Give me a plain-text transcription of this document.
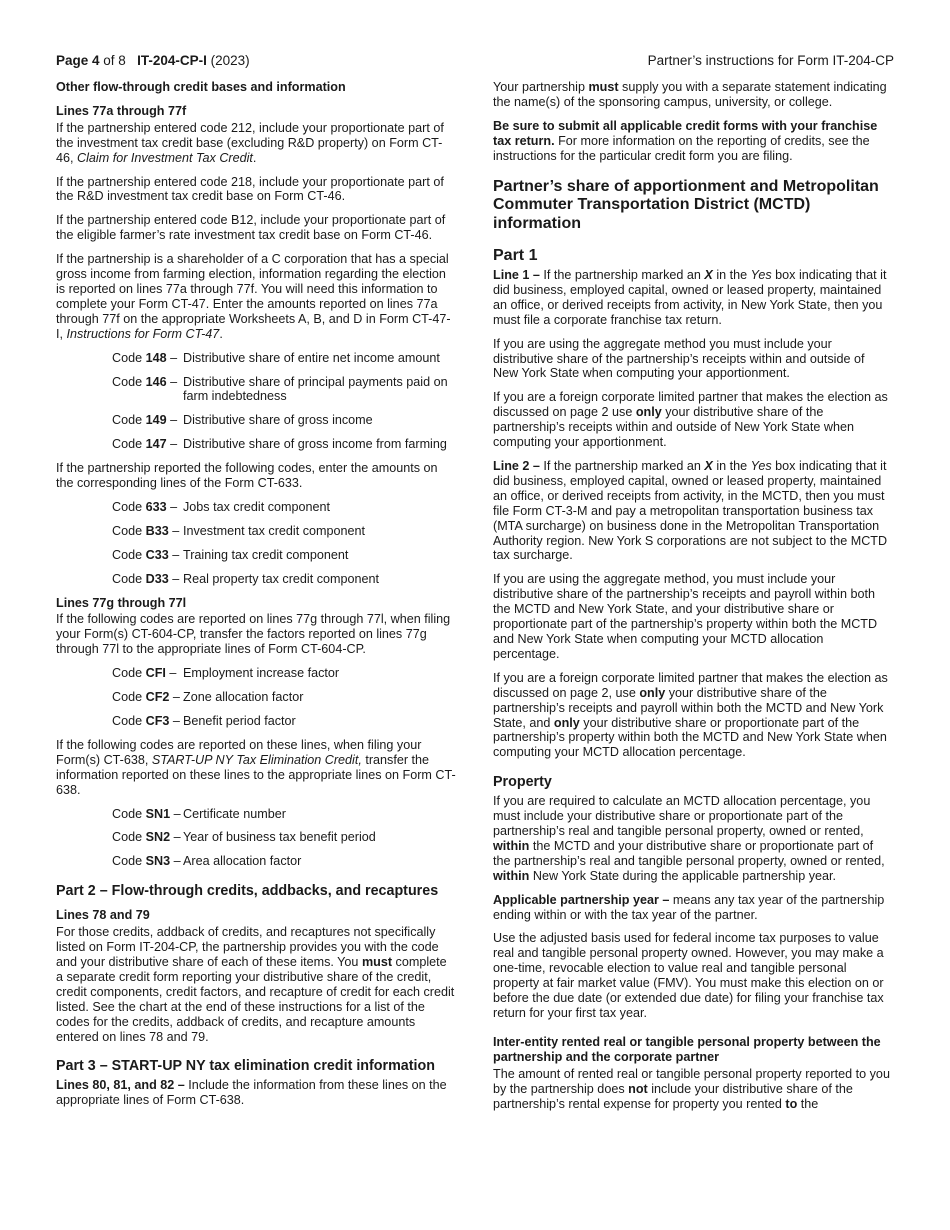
Page 4 of 8 IT-204-CP-I (2023)	Partner’s instructions for Form IT-204-CP
Other flow-through credit bases and information
Lines 77a through 77f

If the partnership entered code 212, include your proportionate part of the investment tax credit base (excluding R&D property) on Form CT-46, Claim for Investment Tax Credit.

If the partnership entered code 218, include your proportionate part of the R&D investment tax credit base on Form CT-46.

If the partnership entered code B12, include your proportionate part of the eligible farmer’s rate investment tax credit base on Form CT-46.

If the partnership is a shareholder of a C corporation that has a special gross income from farming election, information regarding the election is reported on lines 77a through 77f. You will need this information to complete your Form CT-47. Enter the amounts reported on lines 77a through 77f on the appropriate Worksheets A, B, and D in Form CT-47-I, Instructions for Form CT-47.

Code 148 –Distributive share of entire net income amount
Code 146 –Distributive share of principal payments paid on farm indebtedness
Code 149 –Distributive share of gross income
Code 147 –Distributive share of gross income from farming

If the partnership reported the following codes, enter the amounts on the corresponding lines of the Form CT-633.

Code 633 –Jobs tax credit component
Code B33 –Investment tax credit component
Code C33 –Training tax credit component
Code D33 –Real property tax credit component
Lines 77g through 77l

If the following codes are reported on lines 77g through 77l, when filing your Form(s) CT-604-CP, transfer the factors reported on lines 77g through 77l to the appropriate lines of Form CT-604-CP.

Code CFI –Employment increase factor
Code CF2 –Zone allocation factor
Code CF3 –Benefit period factor

If the following codes are reported on these lines, when filing your Form(s) CT-638, START-UP NY Tax Elimination Credit, transfer the information reported on these lines to the appropriate lines on Form CT-638.

Code SN1 –Certificate number
Code SN2 –Year of business tax benefit period
Code SN3 –Area allocation factor
Part 2 – Flow-through credits, addbacks, and recaptures
Lines 78 and 79

For those credits, addback of credits, and recaptures not specifically listed on Form IT-204-CP, the partnership provides you with the code and your distributive share of each of these items. You must complete a separate credit form reporting your distributive share of the credit, credit components, credit factors, and recapture of credit for each credit listed. See the chart at the end of these instructions for a list of the codes for the credits, addback of credits, and recapture amounts entered on lines 78 and 79.

Part 3 – START-UP NY tax elimination credit information

Lines 80, 81, and 82 – Include the information from these lines on the appropriate lines of Form CT-638.

Your partnership must supply you with a separate statement indicating the name(s) of the sponsoring campus, university, or college.

Be sure to submit all applicable credit forms with your franchise tax return. For more information on the reporting of credits, see the instructions for the particular credit form you are filing.

Partner’s share of apportionment and Metropolitan Commuter Transportation District (MCTD) information
Part 1

Line 1 – If the partnership marked an X in the Yes box indicating that it did business, employed capital, owned or leased property, maintained an office, or derived receipts from activity, in New York State, then you must file a corporate franchise tax return.

If you are using the aggregate method you must include your distributive share of the partnership’s receipts within and outside of New York State when computing your apportionment.

If you are a foreign corporate limited partner that makes the election as discussed on page 2 use only your distributive share of the partnership’s receipts within and outside of New York State when computing your apportionment.

Line 2 – If the partnership marked an X in the Yes box indicating that it did business, employed capital, owned or leased property, maintained an office, or derived receipts from activity, in the MCTD, then you must file Form CT-3-M and pay a metropolitan transportation business tax (MTA surcharge) on business done in the Metropolitan Transportation Authority region. New York S corporations are not subject to the MCTD tax surcharge.

If you are using the aggregate method, you must include your distributive share of the partnership’s receipts and payroll within both the MCTD and New York State, and your distributive share or proportionate part of the partnership’s property within both the MCTD and New York State when computing your MCTD allocation percentage.

If you are a foreign corporate limited partner that makes the election as discussed on page 2, use only your distributive share of the partnership’s receipts and payroll within both the MCTD and New York State, and only your distributive share or proportionate part of the partnership’s property within both the MCTD and New York State when computing your MCTD allocation percentage.

Property

If you are required to calculate an MCTD allocation percentage, you must include your distributive share or proportionate part of the partnership’s real and tangible personal property, owned or rented, within the MCTD and your distributive share or proportionate part of the partnership’s real and tangible personal property, owned or rented, within New York State during the applicable partnership year.

Applicable partnership year – means any tax year of the partnership ending within or with the tax year of the partner.

Use the adjusted basis used for federal income tax purposes to value real and tangible personal property owned. However, you may make a one-time, revocable election to value real and tangible personal property at fair market value (FMV). You must make this election on or before the due date (or extended due date) for filing your franchise tax return for your first tax year.

Inter-entity rented real or tangible personal property between the partnership and the corporate partner

The amount of rented real or tangible personal property reported to you by the partnership does not include your distributive share of the partnership’s rental expense for property you rented to the
